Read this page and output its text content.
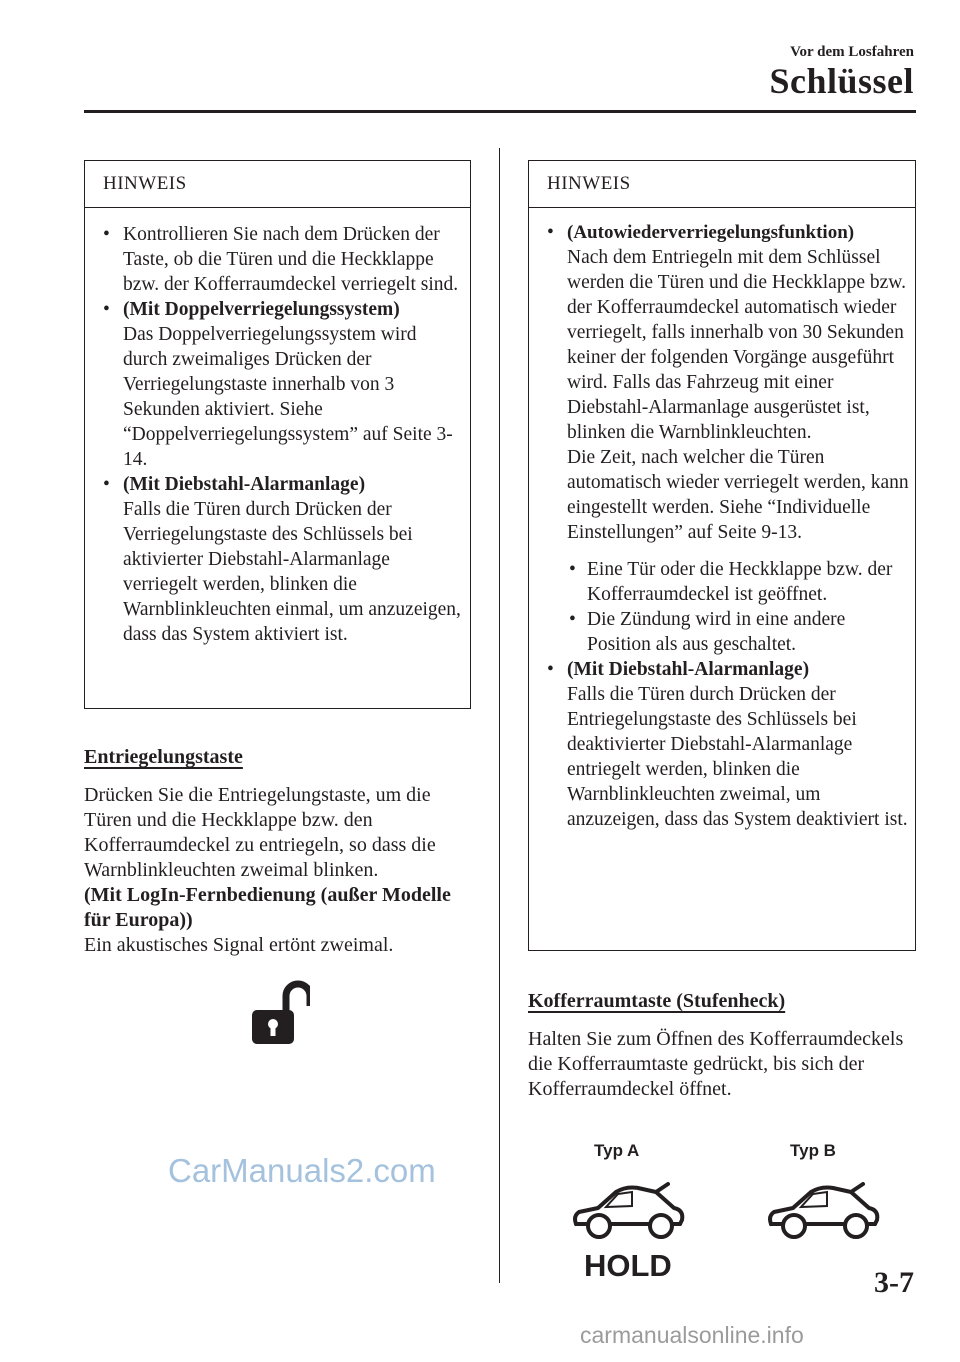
Vor dem Losfahren
Schlüssel
HINWEIS
• Kontrollieren Sie nach dem Drücken der Taste, ob die Türen und die Heckklappe bzw. der Kofferraumdeckel verriegelt sind.
• (Mit Doppelverriegelungssystem)
Das Doppelverriegelungssystem wird durch zweimaliges Drücken der Verriegelungstaste innerhalb von 3 Sekunden aktiviert. Siehe “Doppelverriegelungssystem” auf Seite 3-14.
• (Mit Diebstahl-Alarmanlage)
Falls die Türen durch Drücken der Verriegelungstaste des Schlüssels bei aktivierter Diebstahl-Alarmanlage verriegelt werden, blinken die Warnblinkleuchten einmal, um anzuzeigen, dass das System aktiviert ist.
Entriegelungstaste
Drücken Sie die Entriegelungstaste, um die Türen und die Heckklappe bzw. den Kofferraumdeckel zu entriegeln, so dass die Warnblinkleuchten zweimal blinken.
(Mit LogIn-Fernbedienung (außer Modelle für Europa))
Ein akustisches Signal ertönt zweimal.
CarManuals2.com
HINWEIS
• (Autowiederverriegelungsfunktion)
Nach dem Entriegeln mit dem Schlüssel werden die Türen und die Heckklappe bzw. der Kofferraumdeckel automatisch wieder verriegelt, falls innerhalb von 30 Sekunden keiner der folgenden Vorgänge ausgeführt wird. Falls das Fahrzeug mit einer Diebstahl-Alarmanlage ausgerüstet ist, blinken die Warnblinkleuchten.
Die Zeit, nach welcher die Türen automatisch wieder verriegelt werden, kann eingestellt werden. Siehe “Individuelle Einstellungen” auf Seite 9-13.
• Eine Tür oder die Heckklappe bzw. der Kofferraumdeckel ist geöffnet.
• Die Zündung wird in eine andere Position als aus geschaltet.
• (Mit Diebstahl-Alarmanlage)
Falls die Türen durch Drücken der Entriegelungstaste des Schlüssels bei deaktivierter Diebstahl-Alarmanlage entriegelt werden, blinken die Warnblinkleuchten zweimal, um anzuzeigen, dass das System deaktiviert ist.
Kofferraumtaste (Stufenheck)
Halten Sie zum Öffnen des Kofferraumdeckels die Kofferraumtaste gedrückt, bis sich der Kofferraumdeckel öffnet.
Typ A	Typ B
HOLD	3-7
carmanualsonline.info
